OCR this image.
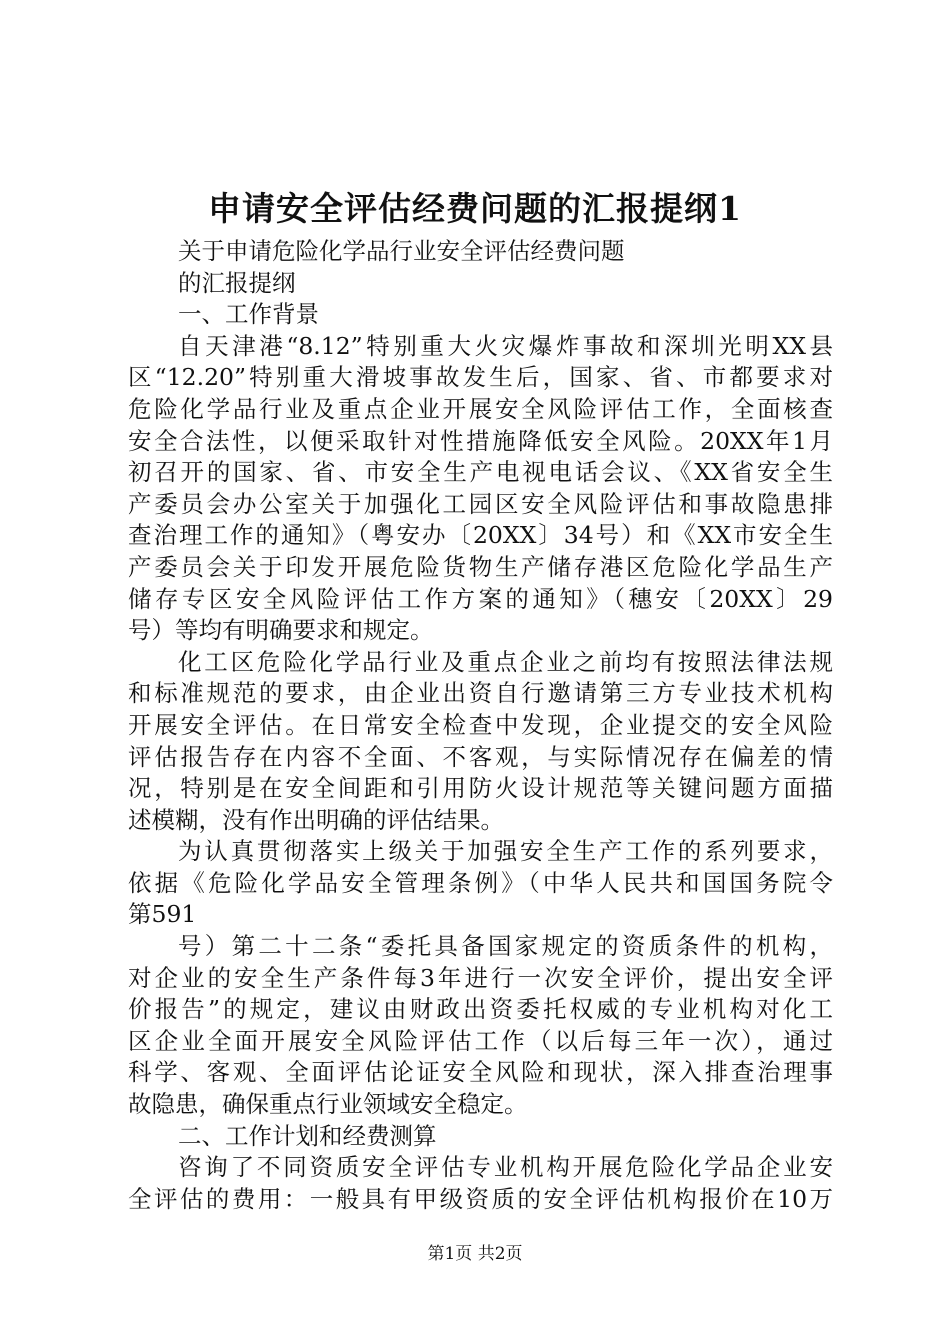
申请安全评估经费问题的汇报提纲1
关于申请危险化学品行业安全评估经费问题
的汇报提纲
一、工作背景
自天津港“8.12”特别重大火灾爆炸事故和深圳光明XX县
区“12.20”特别重大滑坡事故发生后，国家、省、市都要求对
危险化学品行业及重点企业开展安全风险评估工作，全面核查
安全合法性，以便采取针对性措施降低安全风险。20XX年1月
初召开的国家、省、市安全生产电视电话会议、《XX省安全生
产委员会办公室关于加强化工园区安全风险评估和事故隐患排
查治理工作的通知》（粤安办〔20XX〕34号）和《XX市安全生
产委员会关于印发开展危险货物生产储存港区危险化学品生产
储存专区安全风险评估工作方案的通知》（穗安〔20XX〕29
号）等均有明确要求和规定。
化工区危险化学品行业及重点企业之前均有按照法律法规
和标准规范的要求，由企业出资自行邀请第三方专业技术机构
开展安全评估。在日常安全检查中发现，企业提交的安全风险
评估报告存在内容不全面、不客观，与实际情况存在偏差的情
况，特别是在安全间距和引用防火设计规范等关键问题方面描
述模糊，没有作出明确的评估结果。
为认真贯彻落实上级关于加强安全生产工作的系列要求，
依据《危险化学品安全管理条例》（中华人民共和国国务院令
第591
号）第二十二条“委托具备国家规定的资质条件的机构，
对企业的安全生产条件每3年进行一次安全评价，提出安全评
价报告”的规定，建议由财政出资委托权威的专业机构对化工
区企业全面开展安全风险评估工作（以后每三年一次），通过
科学、客观、全面评估论证安全风险和现状，深入排查治理事
故隐患，确保重点行业领域安全稳定。
二、工作计划和经费测算
咨询了不同资质安全评估专业机构开展危险化学品企业安
全评估的费用：一般具有甲级资质的安全评估机构报价在10万
第1页 共2页
